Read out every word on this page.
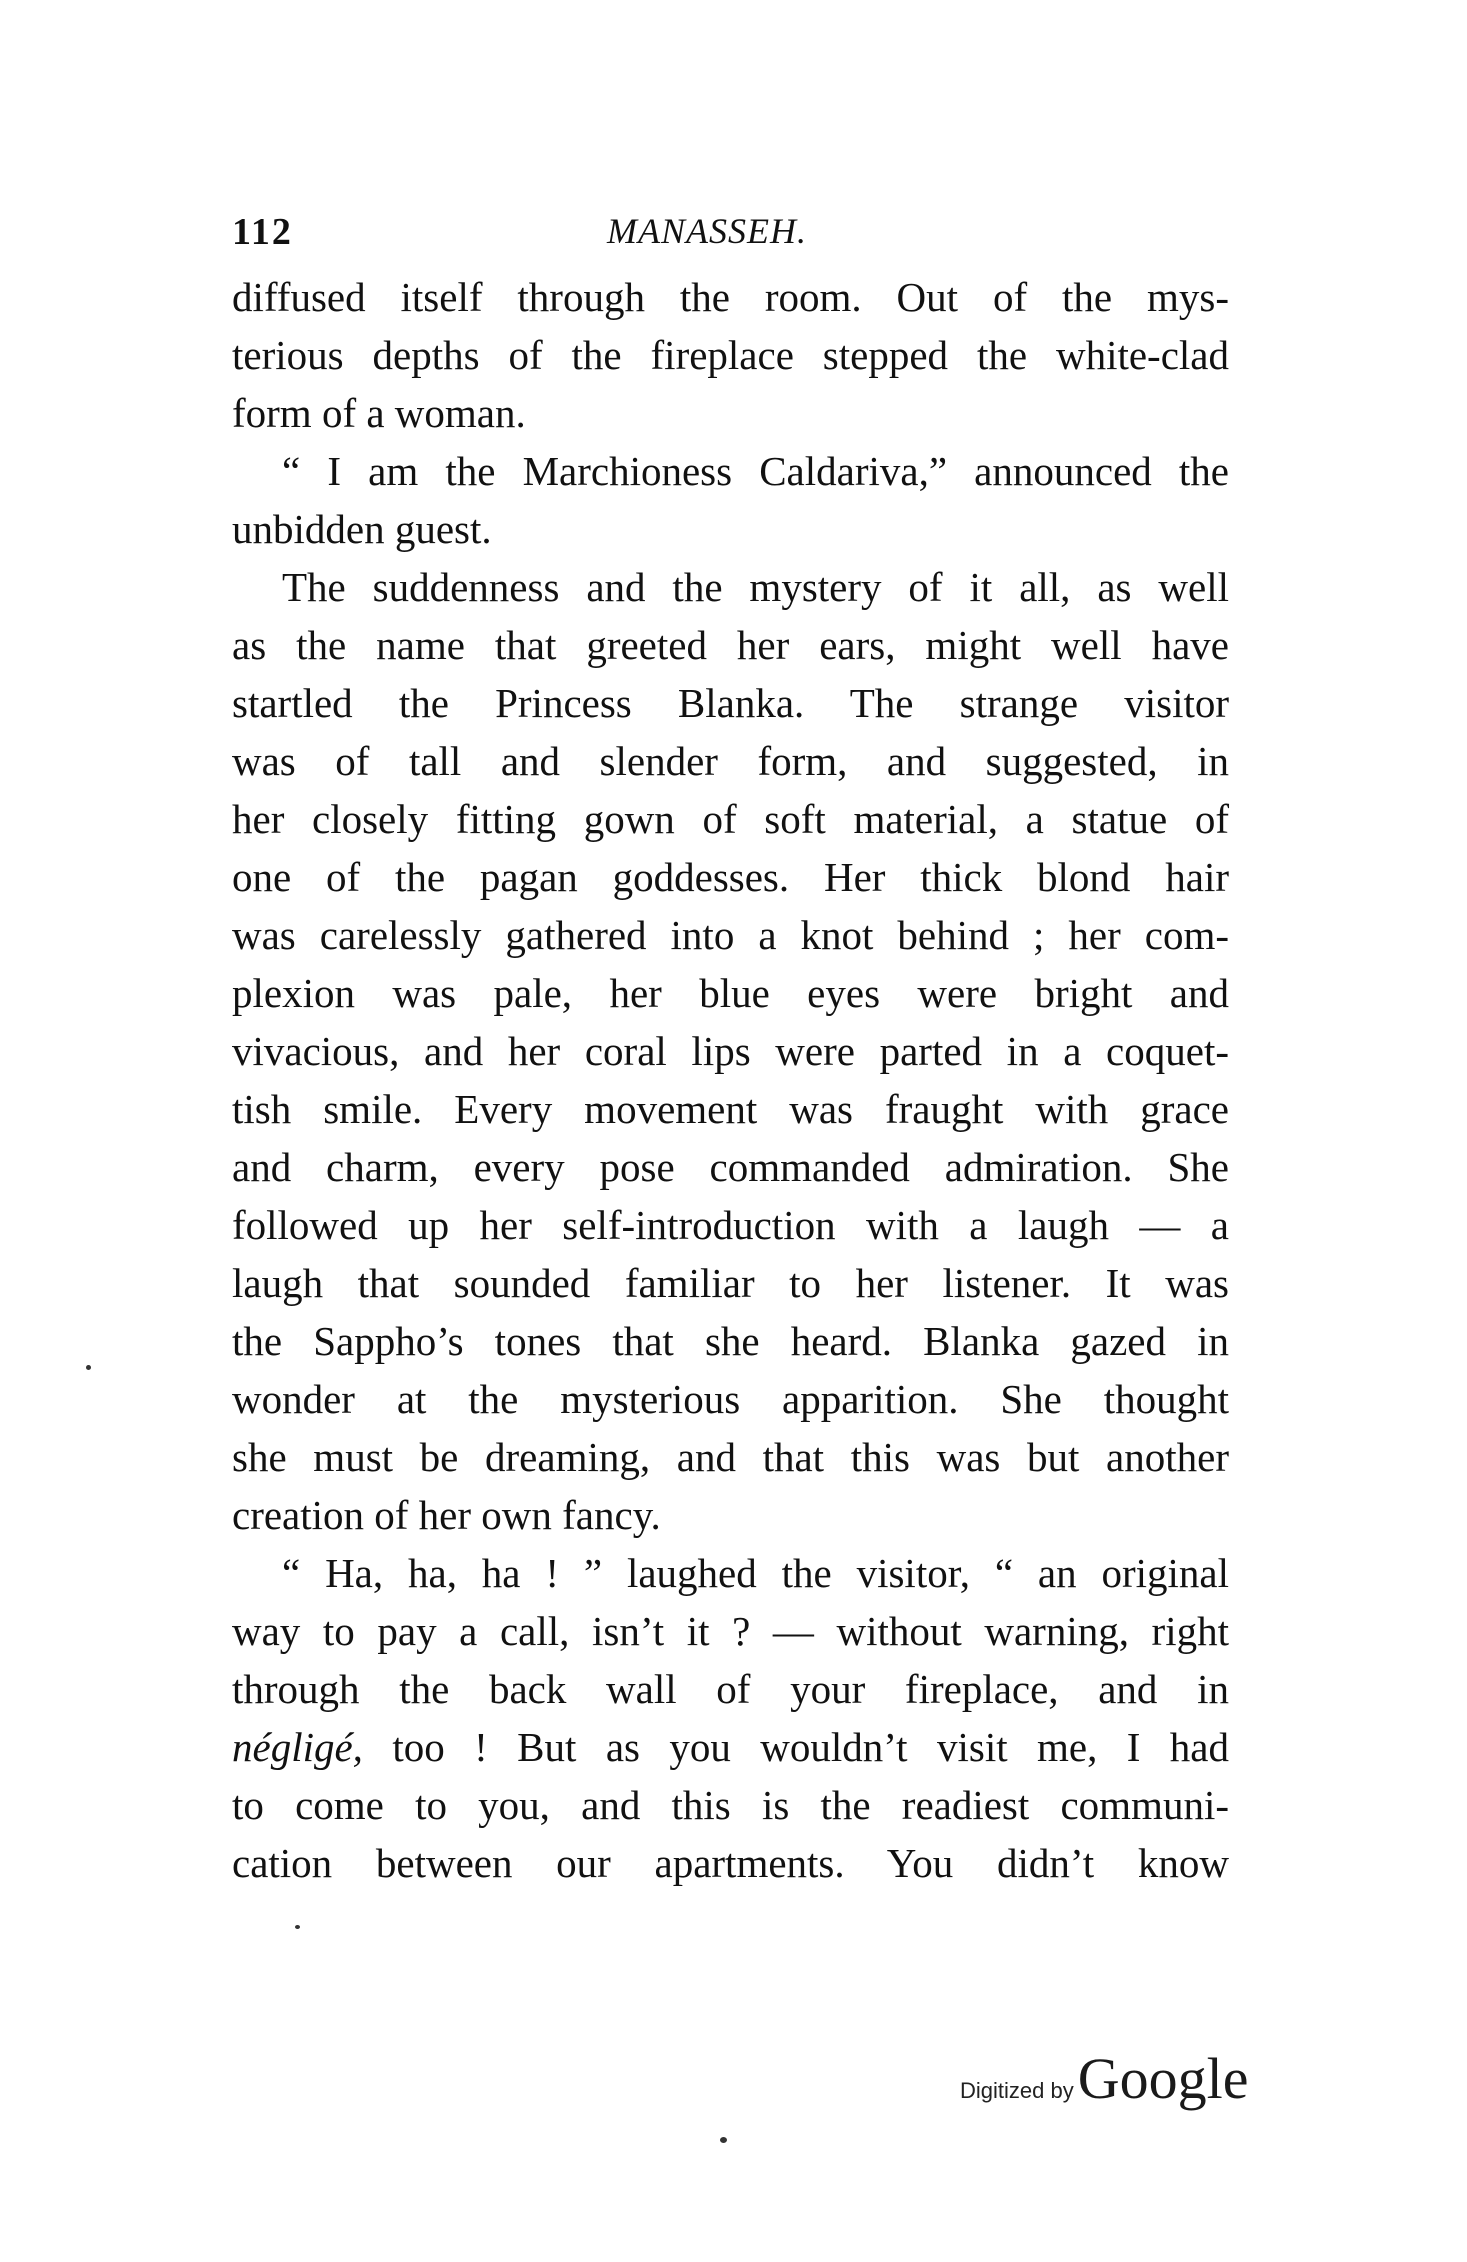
112	MANASSEH.
diffused itself through the room. Out of the mys-
terious depths of the fireplace stepped the white-clad
form of a woman.
“ I am the Marchioness Caldariva,” announced the
unbidden guest.
The suddenness and the mystery of it all, as well
as the name that greeted her ears, might well have
startled the Princess Blanka. The strange visitor
was of tall and slender form, and suggested, in
her closely fitting gown of soft material, a statue of
one of the pagan goddesses. Her thick blond hair
was carelessly gathered into a knot behind ; her com-
plexion was pale, her blue eyes were bright and
vivacious, and her coral lips were parted in a coquet-
tish smile. Every movement was fraught with grace
and charm, every pose commanded admiration. She
followed up her self-introduction with a laugh — a
laugh that sounded familiar to her listener. It was
the Sappho’s tones that she heard. Blanka gazed in
wonder at the mysterious apparition. She thought
she must be dreaming, and that this was but another
creation of her own fancy.
“ Ha, ha, ha ! ” laughed the visitor, “ an original
way to pay a call, isn’t it ? — without warning, right
through the back wall of your fireplace, and in
négligé, too ! But as you wouldn’t visit me, I had
to come to you, and this is the readiest communi-
cation between our apartments. You didn’t know
Digitized by Google
